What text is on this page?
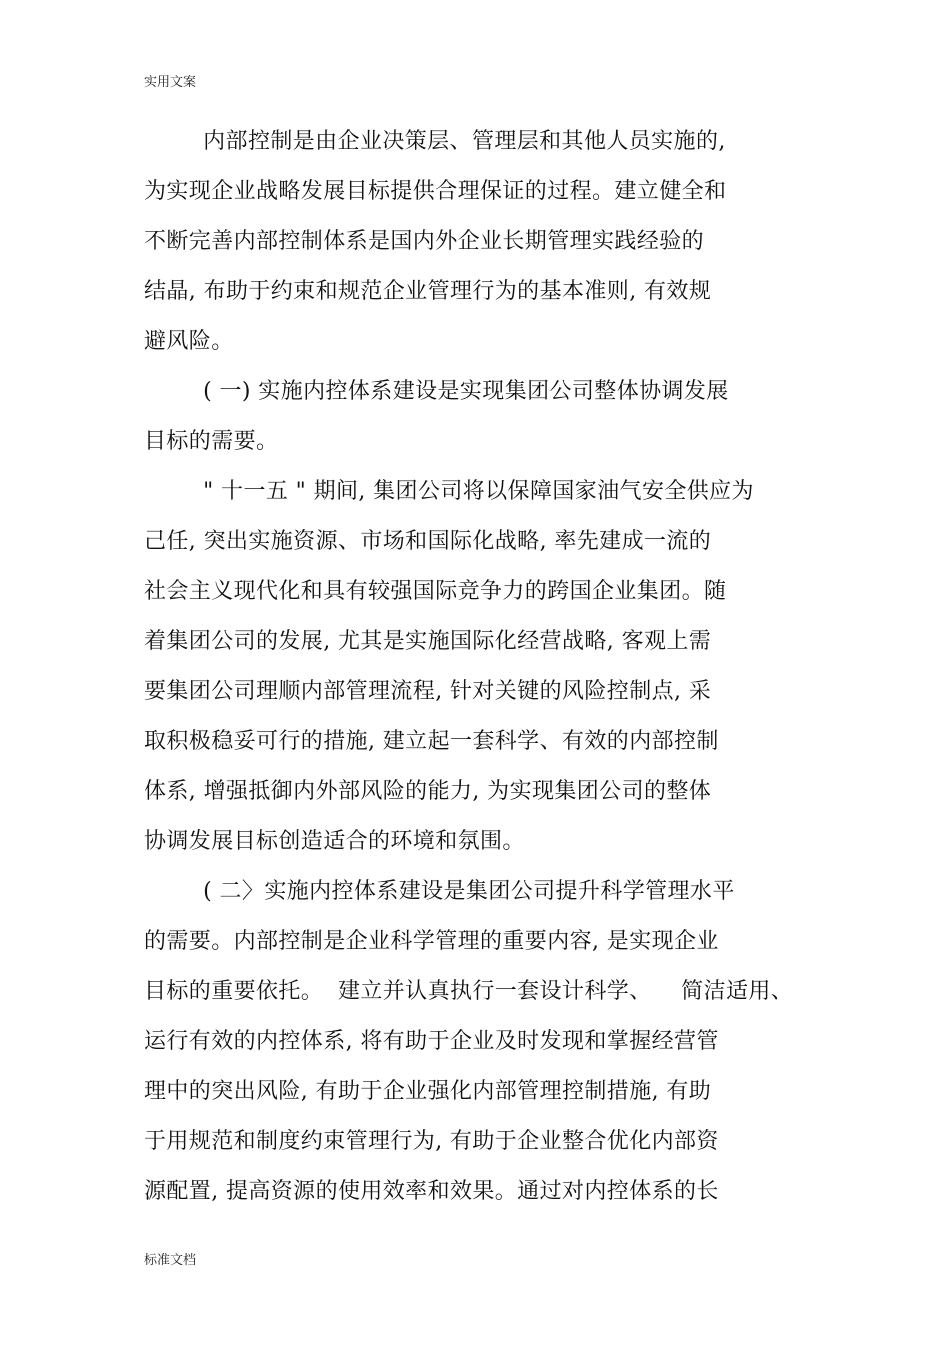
实用文案
内部控制是由企业决策层、管理层和其他人员实施的,
为实现企业战略发展目标提供合理保证的过程。建立健全和
不断完善内部控制体系是国内外企业长期管理实践经验的
结晶, 布助于约束和规范企业管理行为的基本准则, 有效规
避风险。
( 一) 实施内控体系建设是实现集团公司整体协调发展
目标的需要。
" 十一五 " 期间, 集团公司将以保障国家油气安全供应为
己任, 突出实施资源、市场和国际化战略, 率先建成一流的
社会主义现代化和具有较强国际竞争力的跨国企业集团。随
着集团公司的发展, 尤其是实施国际化经营战略, 客观上需
要集团公司理顺内部管理流程, 针对关键的风险控制点, 采
取积极稳妥可行的措施, 建立起一套科学、有效的内部控制
体系, 增强抵御内外部风险的能力, 为实现集团公司的整体
协调发展目标创造适合的环境和氛围。
( 二〉实施内控体系建设是集团公司提升科学管理水平
的需要。内部控制是企业科学管理的重要内容, 是实现企业
目标的重要依托。  建立并认真执行一套设计科学、    简洁适用、
运行有效的内控体系, 将有助于企业及时发现和掌握经营管
理中的突出风险, 有助于企业强化内部管理控制措施, 有助
于用规范和制度约束管理行为, 有助于企业整合优化内部资
源配置, 提高资源的使用效率和效果。通过对内控体系的长
标准文档
